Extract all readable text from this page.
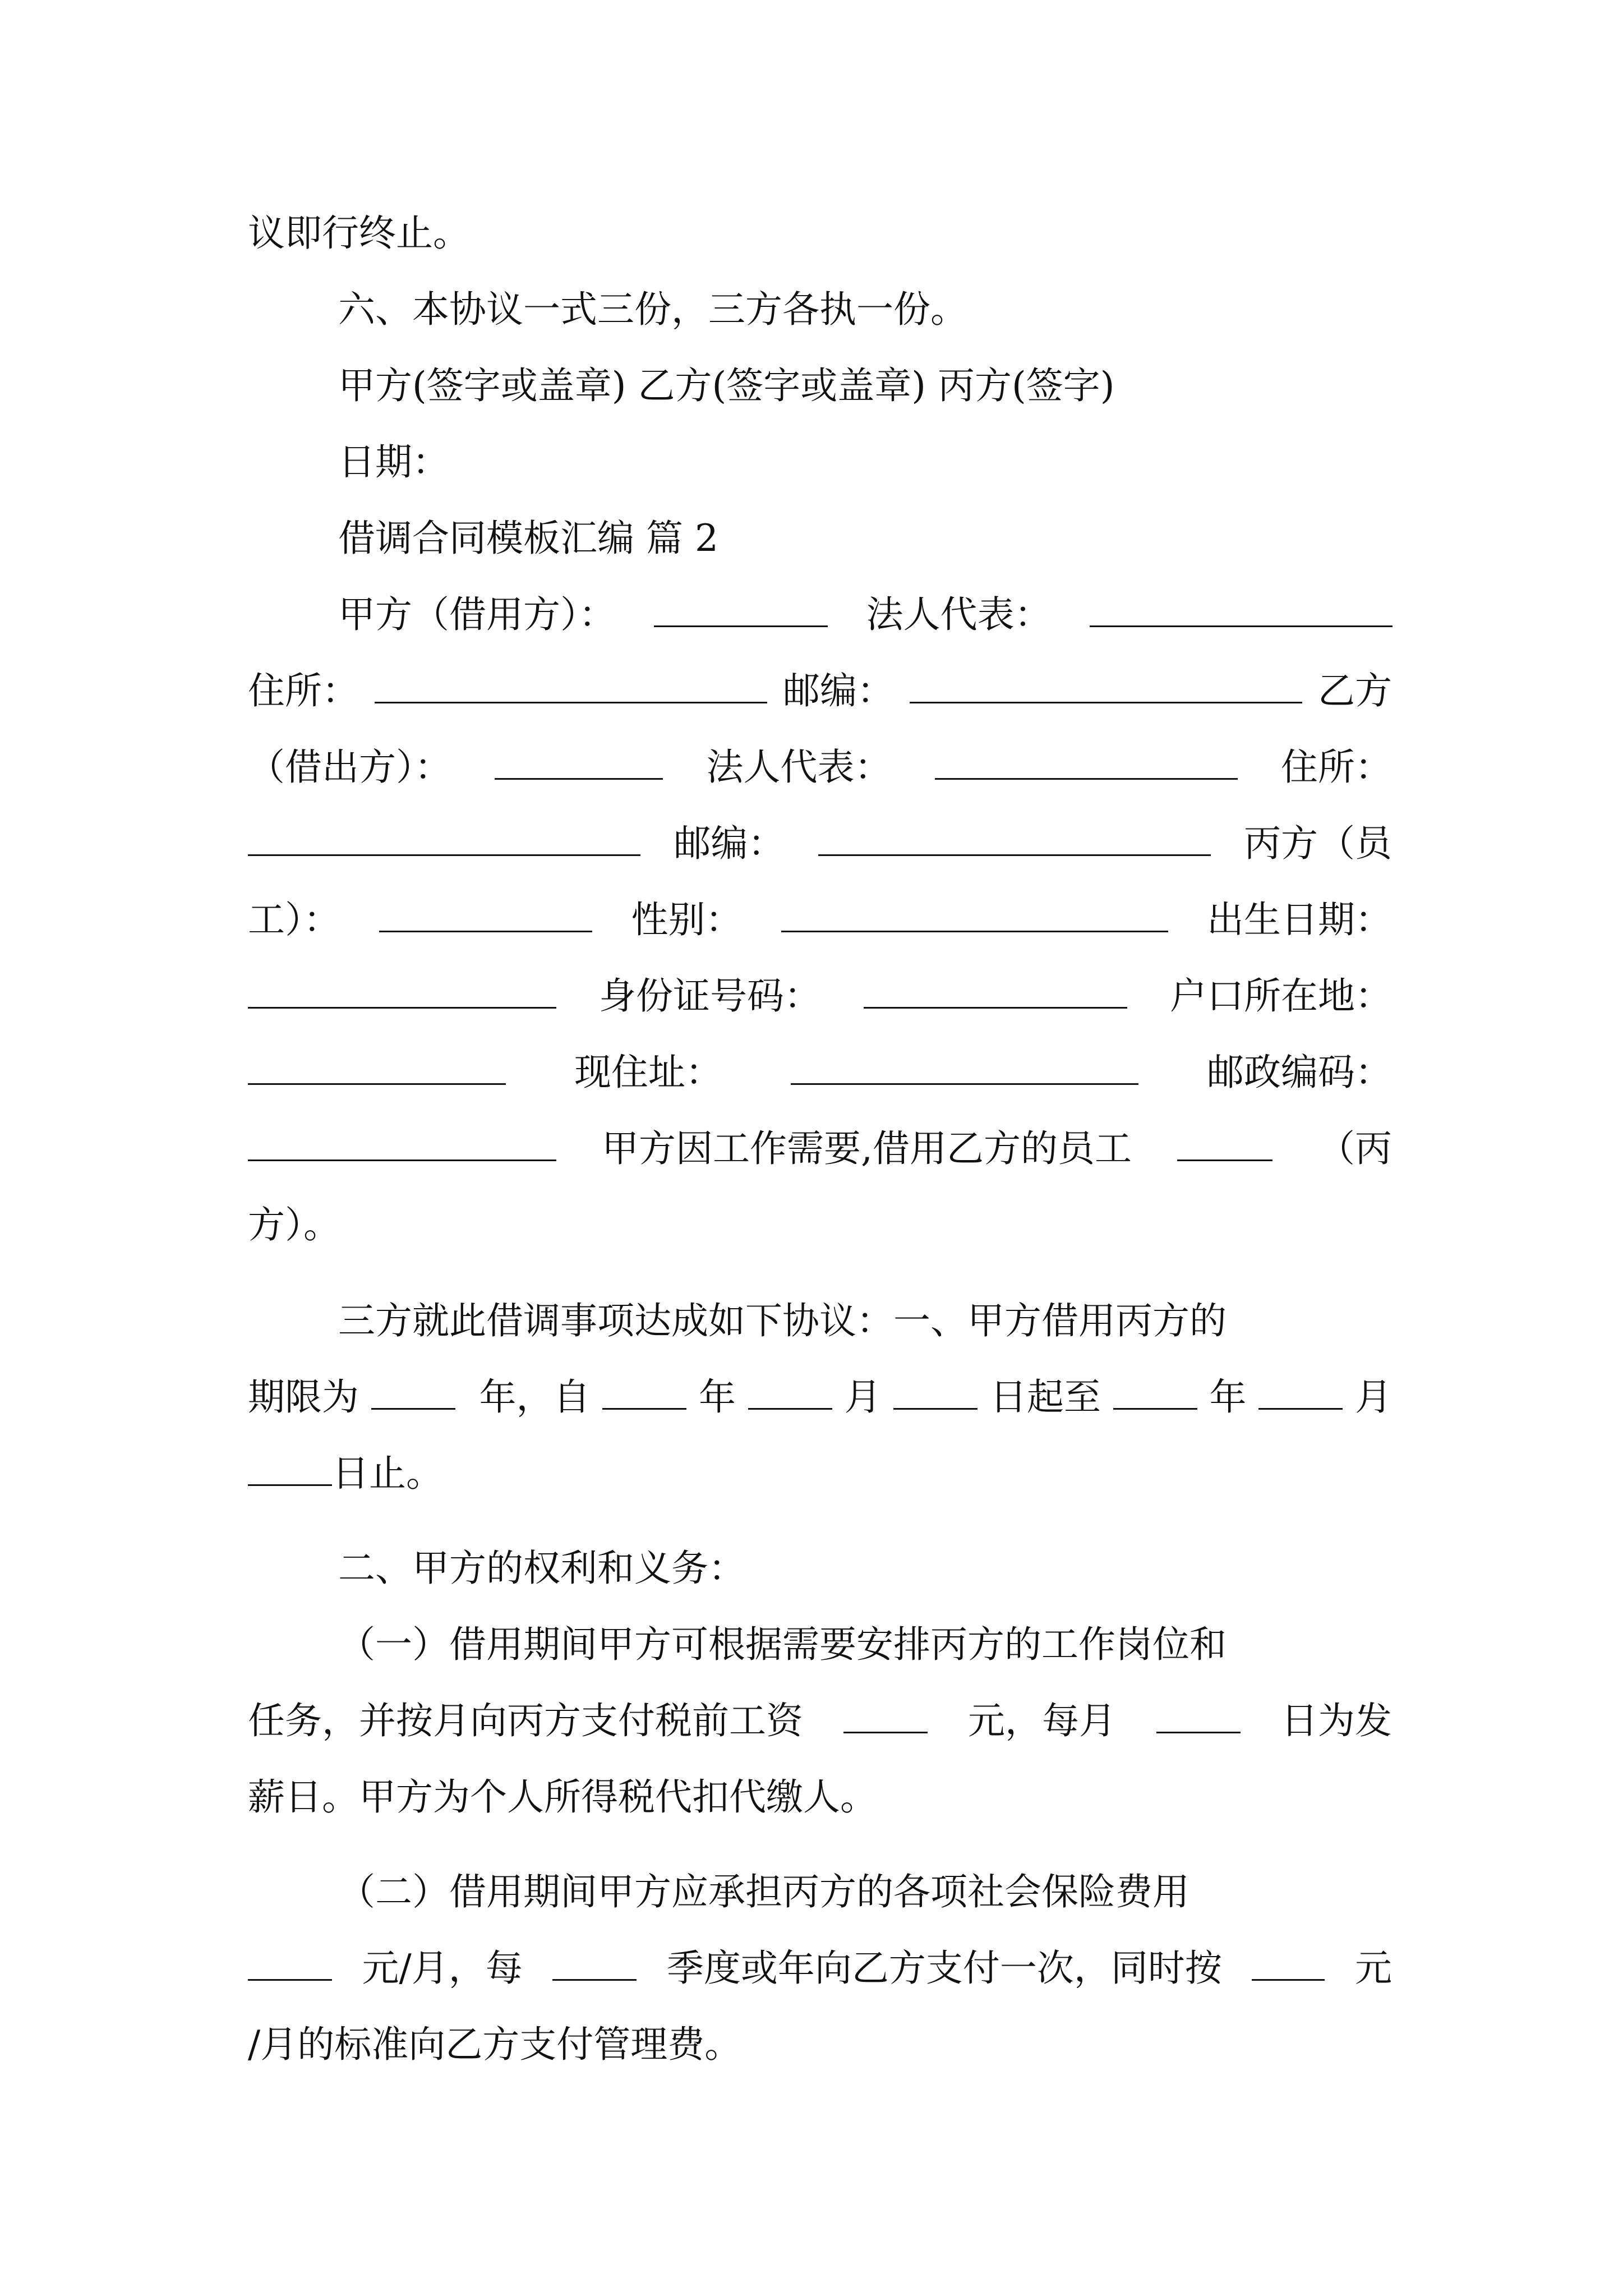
议即行终止。
六、本协议一式三份，三方各执一份。
甲方(签字或盖章) 乙方(签字或盖章) 丙方(签字)
日期：
借调合同模板汇编 篇 2
甲方（借用方）：	法人代表：
住所：	邮编：	乙方
（借出方）：	法人代表：	住所：
邮编：	丙方（员
工）：	性别：	出生日期：
身份证号码：	户口所在地：
现住址：	邮政编码：
甲方因工作需要,借用乙方的员工	（丙
方）。
三方就此借调事项达成如下协议：一、甲方借用丙方的
期限为	年，自	年	月	日起至	年	月
日止。
二、甲方的权利和义务：
（一）借用期间甲方可根据需要安排丙方的工作岗位和
任务，并按月向丙方支付税前工资	元，每月	日为发
薪日。甲方为个人所得税代扣代缴人。
（二）借用期间甲方应承担丙方的各项社会保险费用
元/月，每	季度或年向乙方支付一次，同时按	元
/月的标准向乙方支付管理费。
